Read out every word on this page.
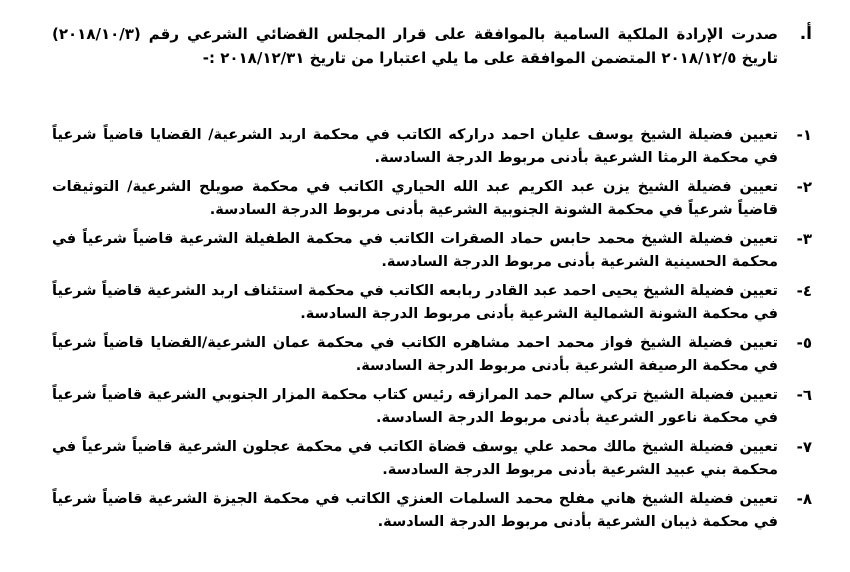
أ.
صدرت الإرادة الملكية السامية بالموافقة على قرار المجلس القضائي الشرعي رقم (٢٠١٨/١٠/٣) تاريخ ٢٠١٨/١٢/٥ المتضمن الموافقة على ما يلي اعتبارا من تاريخ ٢٠١٨/١٢/٣١ :-
١-
تعيين فضيلة الشيخ يوسف عليان احمد دراركه الكاتب في محكمة اربد الشرعية/ القضايا قاضياً شرعياً في محكمة الرمثا الشرعية بأدنى مربوط الدرجة السادسة.
٢-
تعيين فضيلة الشيخ يزن عبد الكريم عبد الله الحياري الكاتب في محكمة صويلح الشرعية/ التوثيقات قاضياً شرعياً في محكمة الشونة الجنوبية الشرعية بأدنى مربوط الدرجة السادسة.
٣-
تعيين فضيلة الشيخ محمد حابس حماد الصقرات الكاتب في محكمة الطفيلة الشرعية قاضياً شرعياً في محكمة الحسينية الشرعية بأدنى مربوط الدرجة السادسة.
٤-
تعيين فضيلة الشيخ يحيى احمد عبد القادر ربابعه الكاتب في محكمة استئناف اربد الشرعية قاضياً شرعياً في محكمة الشونة الشمالية الشرعية بأدنى مربوط الدرجة السادسة.
٥-
تعيين فضيلة الشيخ فواز محمد احمد مشاهره الكاتب في محكمة عمان الشرعية/القضايا قاضياً شرعياً في محكمة الرصيفة الشرعية بأدنى مربوط الدرجة السادسة.
٦-
تعيين فضيلة الشيخ تركي سالم حمد المرازقه رئيس كتاب محكمة المزار الجنوبي الشرعية قاضياً شرعياً في محكمة ناعور الشرعية بأدنى مربوط الدرجة السادسة.
٧-
تعيين فضيلة الشيخ مالك محمد علي يوسف قضاة الكاتب في محكمة عجلون الشرعية قاضياً شرعياً في محكمة بني عبيد الشرعية بأدنى مربوط الدرجة السادسة.
٨-
تعيين فضيلة الشيخ هاني مفلح محمد السلمات العنزي الكاتب في محكمة الجيزة الشرعية قاضياً شرعياً في محكمة ذيبان الشرعية بأدنى مربوط الدرجة السادسة.
